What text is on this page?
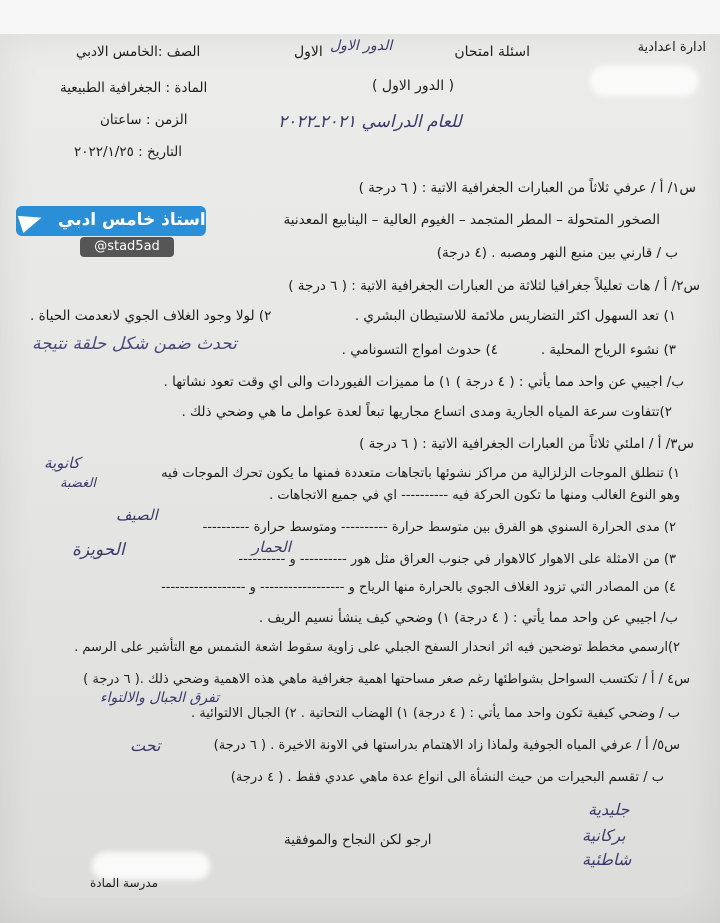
ادارة اعدادية
اسئلة امتحان
الدور الاول
الاول
( الدور الاول )
الصف :الخامس الادبي
المادة : الجغرافية الطبيعية
الزمن : ساعتان
التاريخ : ٢٠٢٢/١/٢٥
للعام الدراسي ٢٠٢١ـ٢٠٢٢
استاذ خامس ادبي
@stad5ad
س١/ أ / عرفي ثلاثاً من العبارات الجغرافية الاتية : ( ٦ درجة )
الصخور المتحولة – المطر المتجمد – الغيوم العالية – الينابيع المعدنية
ب / قارني بين منبع النهر ومصبه . (٤ درجة)
س٢/ أ / هات تعليلاً جغرافيا لثلاثة من العبارات الجغرافية الاتية : ( ٦ درجة )
١) تعد السهول اكثر التضاريس ملائمة للاستيطان البشري .
٢) لولا وجود الغلاف الجوي لانعدمت الحياة .
٣) نشوء الرياح المحلية .
٤) حدوث امواج التسونامي .
تحدث ضمن شكل حلقة نتيجة
ب/ اجيبي عن واحد مما يأتي : ( ٤ درجة ) ١) ما مميزات الفيوردات والى اي وقت تعود نشاتها .
٢)تتفاوت سرعة المياه الجارية ومدى اتساع مجاريها تبعاً لعدة عوامل ما هي وضحي ذلك .
س٣/ أ / املئي ثلاثاً من العبارات الجغرافية الاتية : ( ٦ درجة )
١) تنطلق الموجات الزلزالية من مراكز نشوئها باتجاهات متعددة فمنها ما يكون تحرك الموجات فيه
كانوية
الغضبة
وهو النوع الغالب ومنها ما تكون الحركة فيه ---------- اي في جميع الاتجاهات .
٢) مدى الحرارة السنوي هو الفرق بين متوسط حرارة ---------- ومتوسط حرارة ----------
الصيف
٣) من الامثلة على الاهوار كالاهوار في جنوب العراق مثل هور ---------- و ----------
الحمار
الحويزة
٤) من المصادر التي تزود الغلاف الجوي بالحرارة منها الرياح و ------------------ و ------------------
ب/ اجيبي عن واحد مما يأتي : ( ٤ درجة) ١) وضحي كيف ينشأ نسيم الريف .
٢)ارسمي مخطط توضحين فيه اثر انحدار السفح الجبلي على زاوية سقوط اشعة الشمس مع التأشير على الرسم .
س٤ / أ / تكتسب السواحل بشواطئها رغم صغر مساحتها اهمية جغرافية ماهي هذه الاهمية وضحي ذلك .( ٦ درجة )
ب / وضحي كيفية تكون واحد مما يأتي : ( ٤ درجة) ١) الهضاب التحاتية . ٢) الجبال الالتوائية .
تفرق الجبال والالتواء
تحت	س٥/ أ / عرفي المياه الجوفية ولماذا زاد الاهتمام بدراستها في الاونة الاخيرة . ( ٦ درجة)
ب / تقسم البحيرات من حيث النشأة الى انواع عدة ماهي عددي فقط . ( ٤ درجة)
جليدية
بركانية
شاطئية
ارجو لكن النجاح والموفقية
مدرسة المادة
